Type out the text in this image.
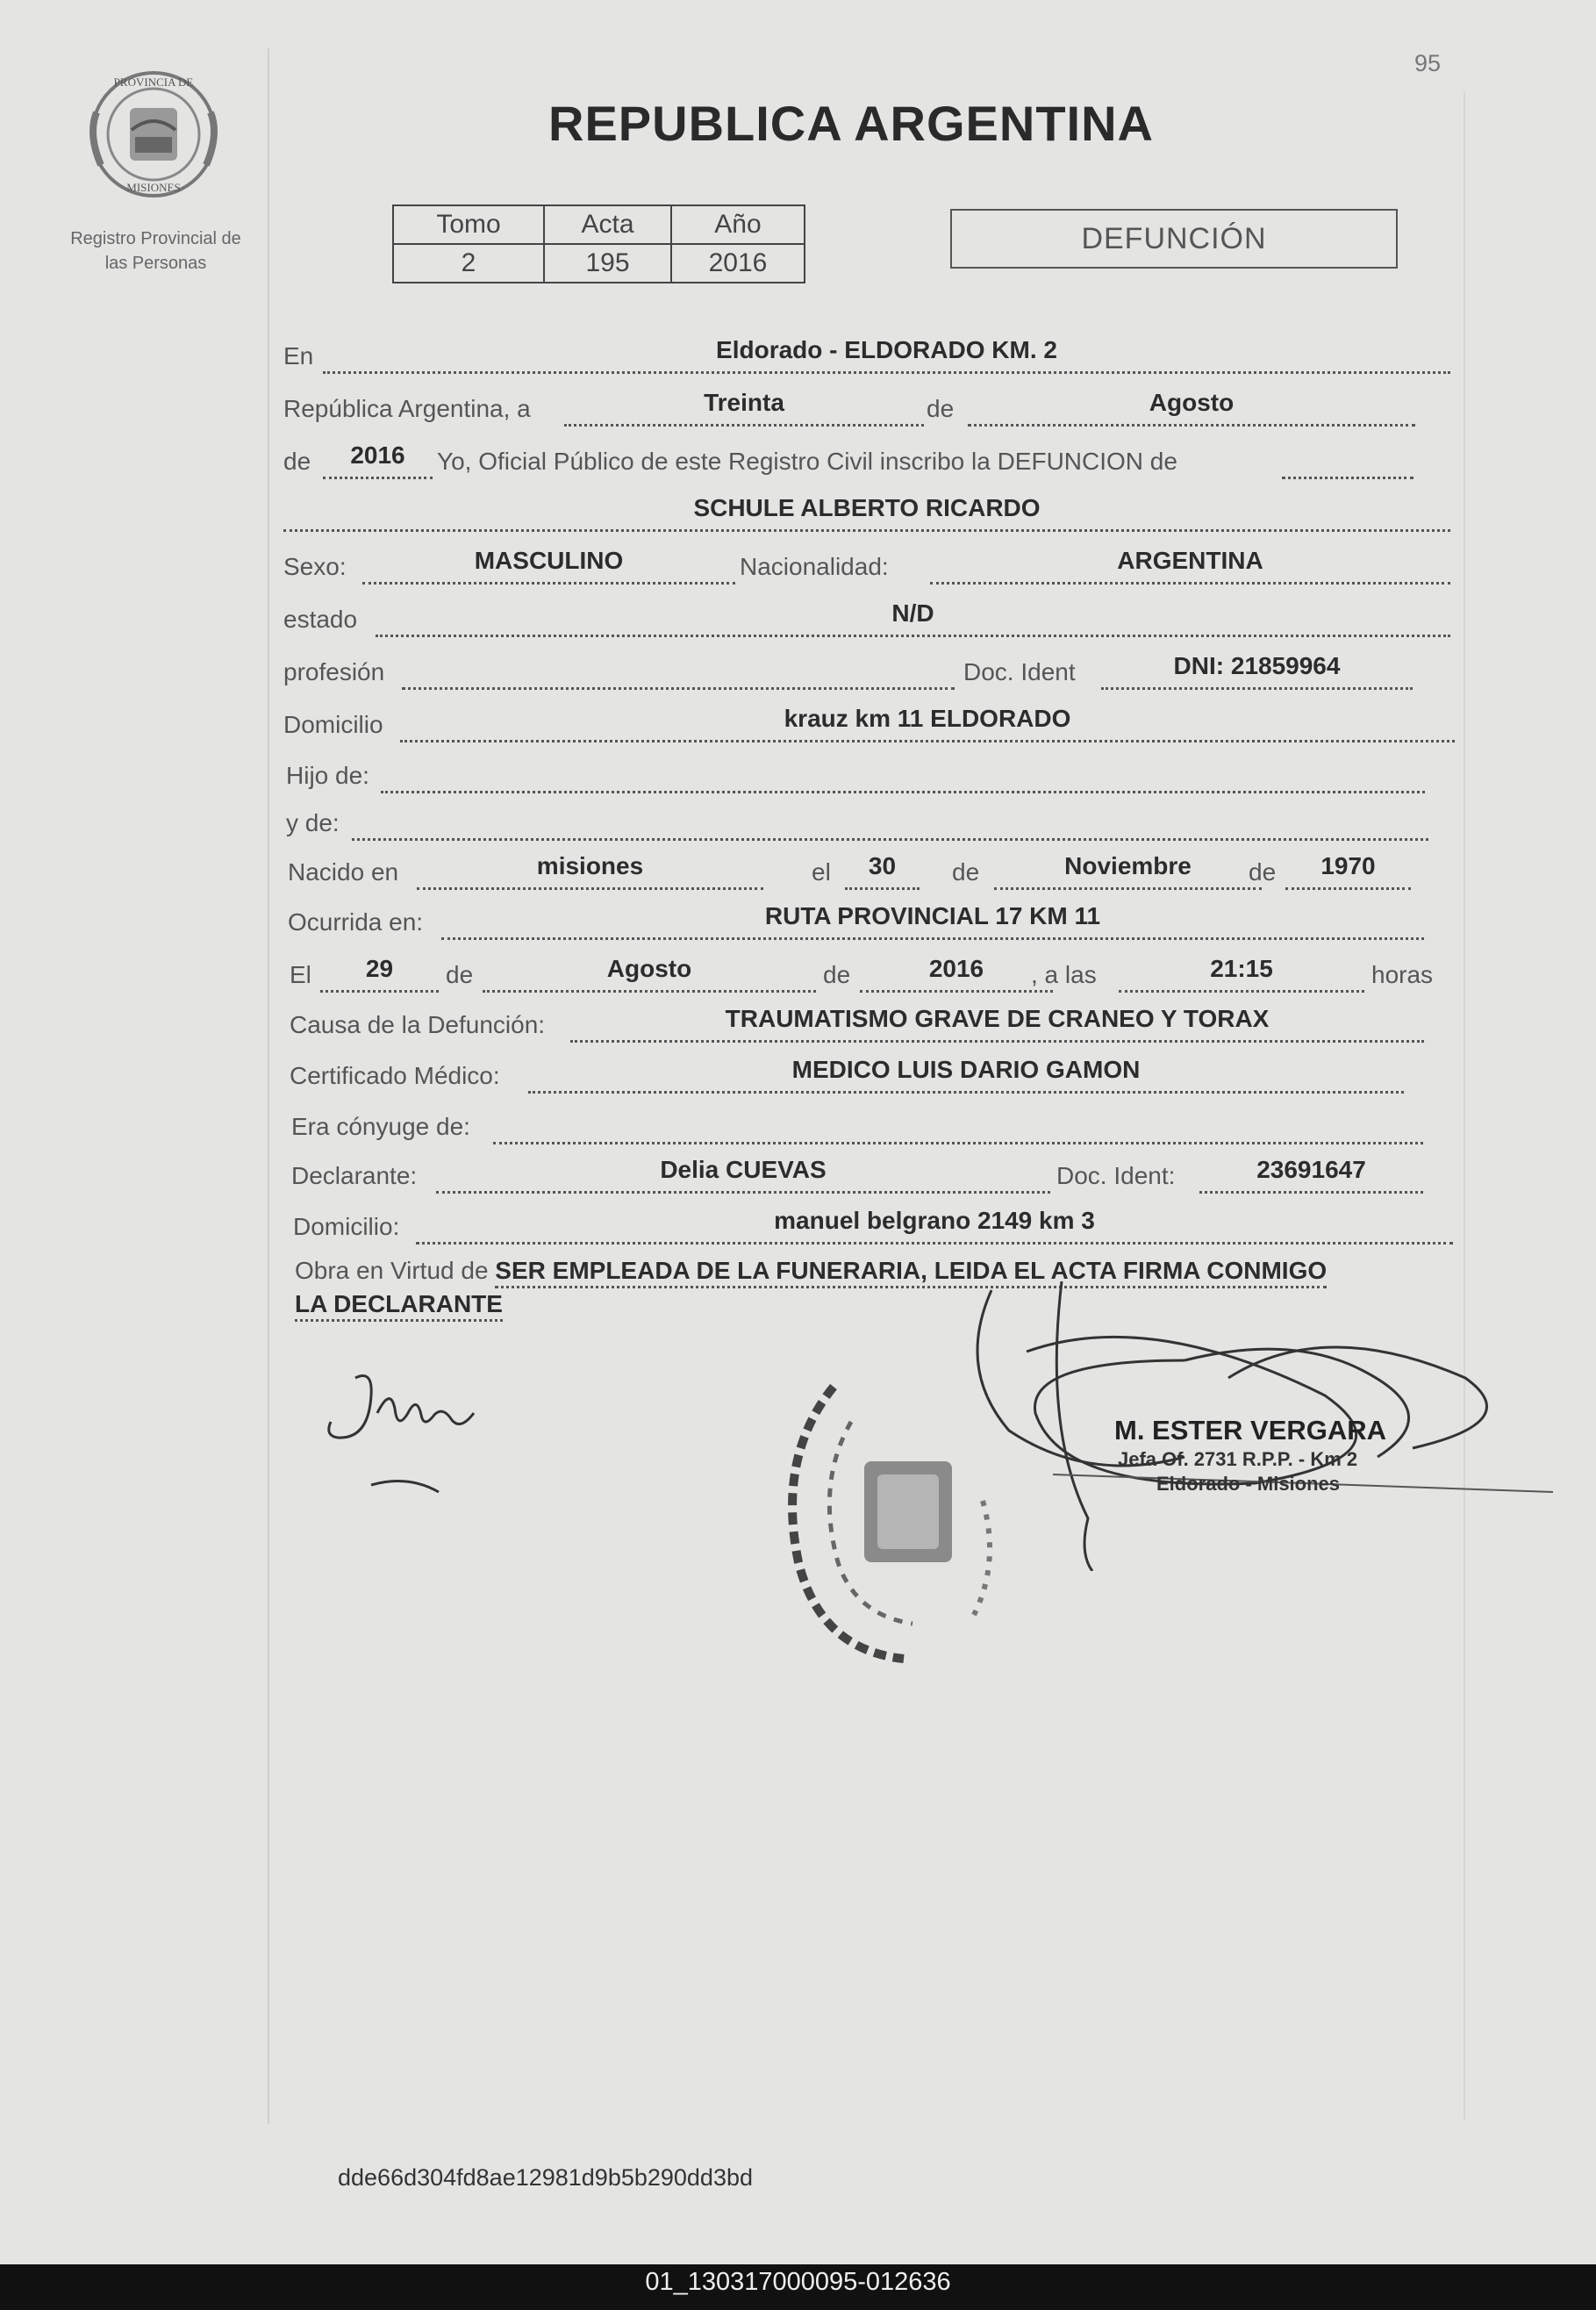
95
PROVINCIA DE
MISIONES
Registro Provincial de
las Personas
REPUBLICA ARGENTINA
Tomo	Acta	Año
2	195	2016
DEFUNCIÓN
En	Eldorado - ELDORADO KM. 2
República Argentina, a	Treinta	de	Agosto
de	2016	Yo, Oficial Público de este Registro Civil inscribo la DEFUNCION de
SCHULE ALBERTO RICARDO
Sexo:	MASCULINO	Nacionalidad:	ARGENTINA
estado	N/D
profesión	Doc. Ident	DNI: 21859964
Domicilio	krauz km 11 ELDORADO
Hijo de:
y de:
Nacido en	misiones	el	30	de	Noviembre	de	1970
Ocurrida en:	RUTA PROVINCIAL 17 KM 11
El	29	de	Agosto	de	2016	, a las	21:15	horas
Causa de la Defunción:	TRAUMATISMO GRAVE DE CRANEO Y TORAX
Certificado Médico:	MEDICO LUIS DARIO GAMON
Era cónyuge de:
Declarante:	Delia CUEVAS	Doc. Ident:	23691647
Domicilio:	manuel belgrano 2149 km 3
Obra en Virtud de SER EMPLEADA DE LA FUNERARIA, LEIDA EL ACTA FIRMA CONMIGO
LA DECLARANTE
M. ESTER VERGARA
Jefa Of. 2731 R.P.P. - Km 2
Eldorado - Misiones
dde66d304fd8ae12981d9b5b290dd3bd
01_130317000095-012636
